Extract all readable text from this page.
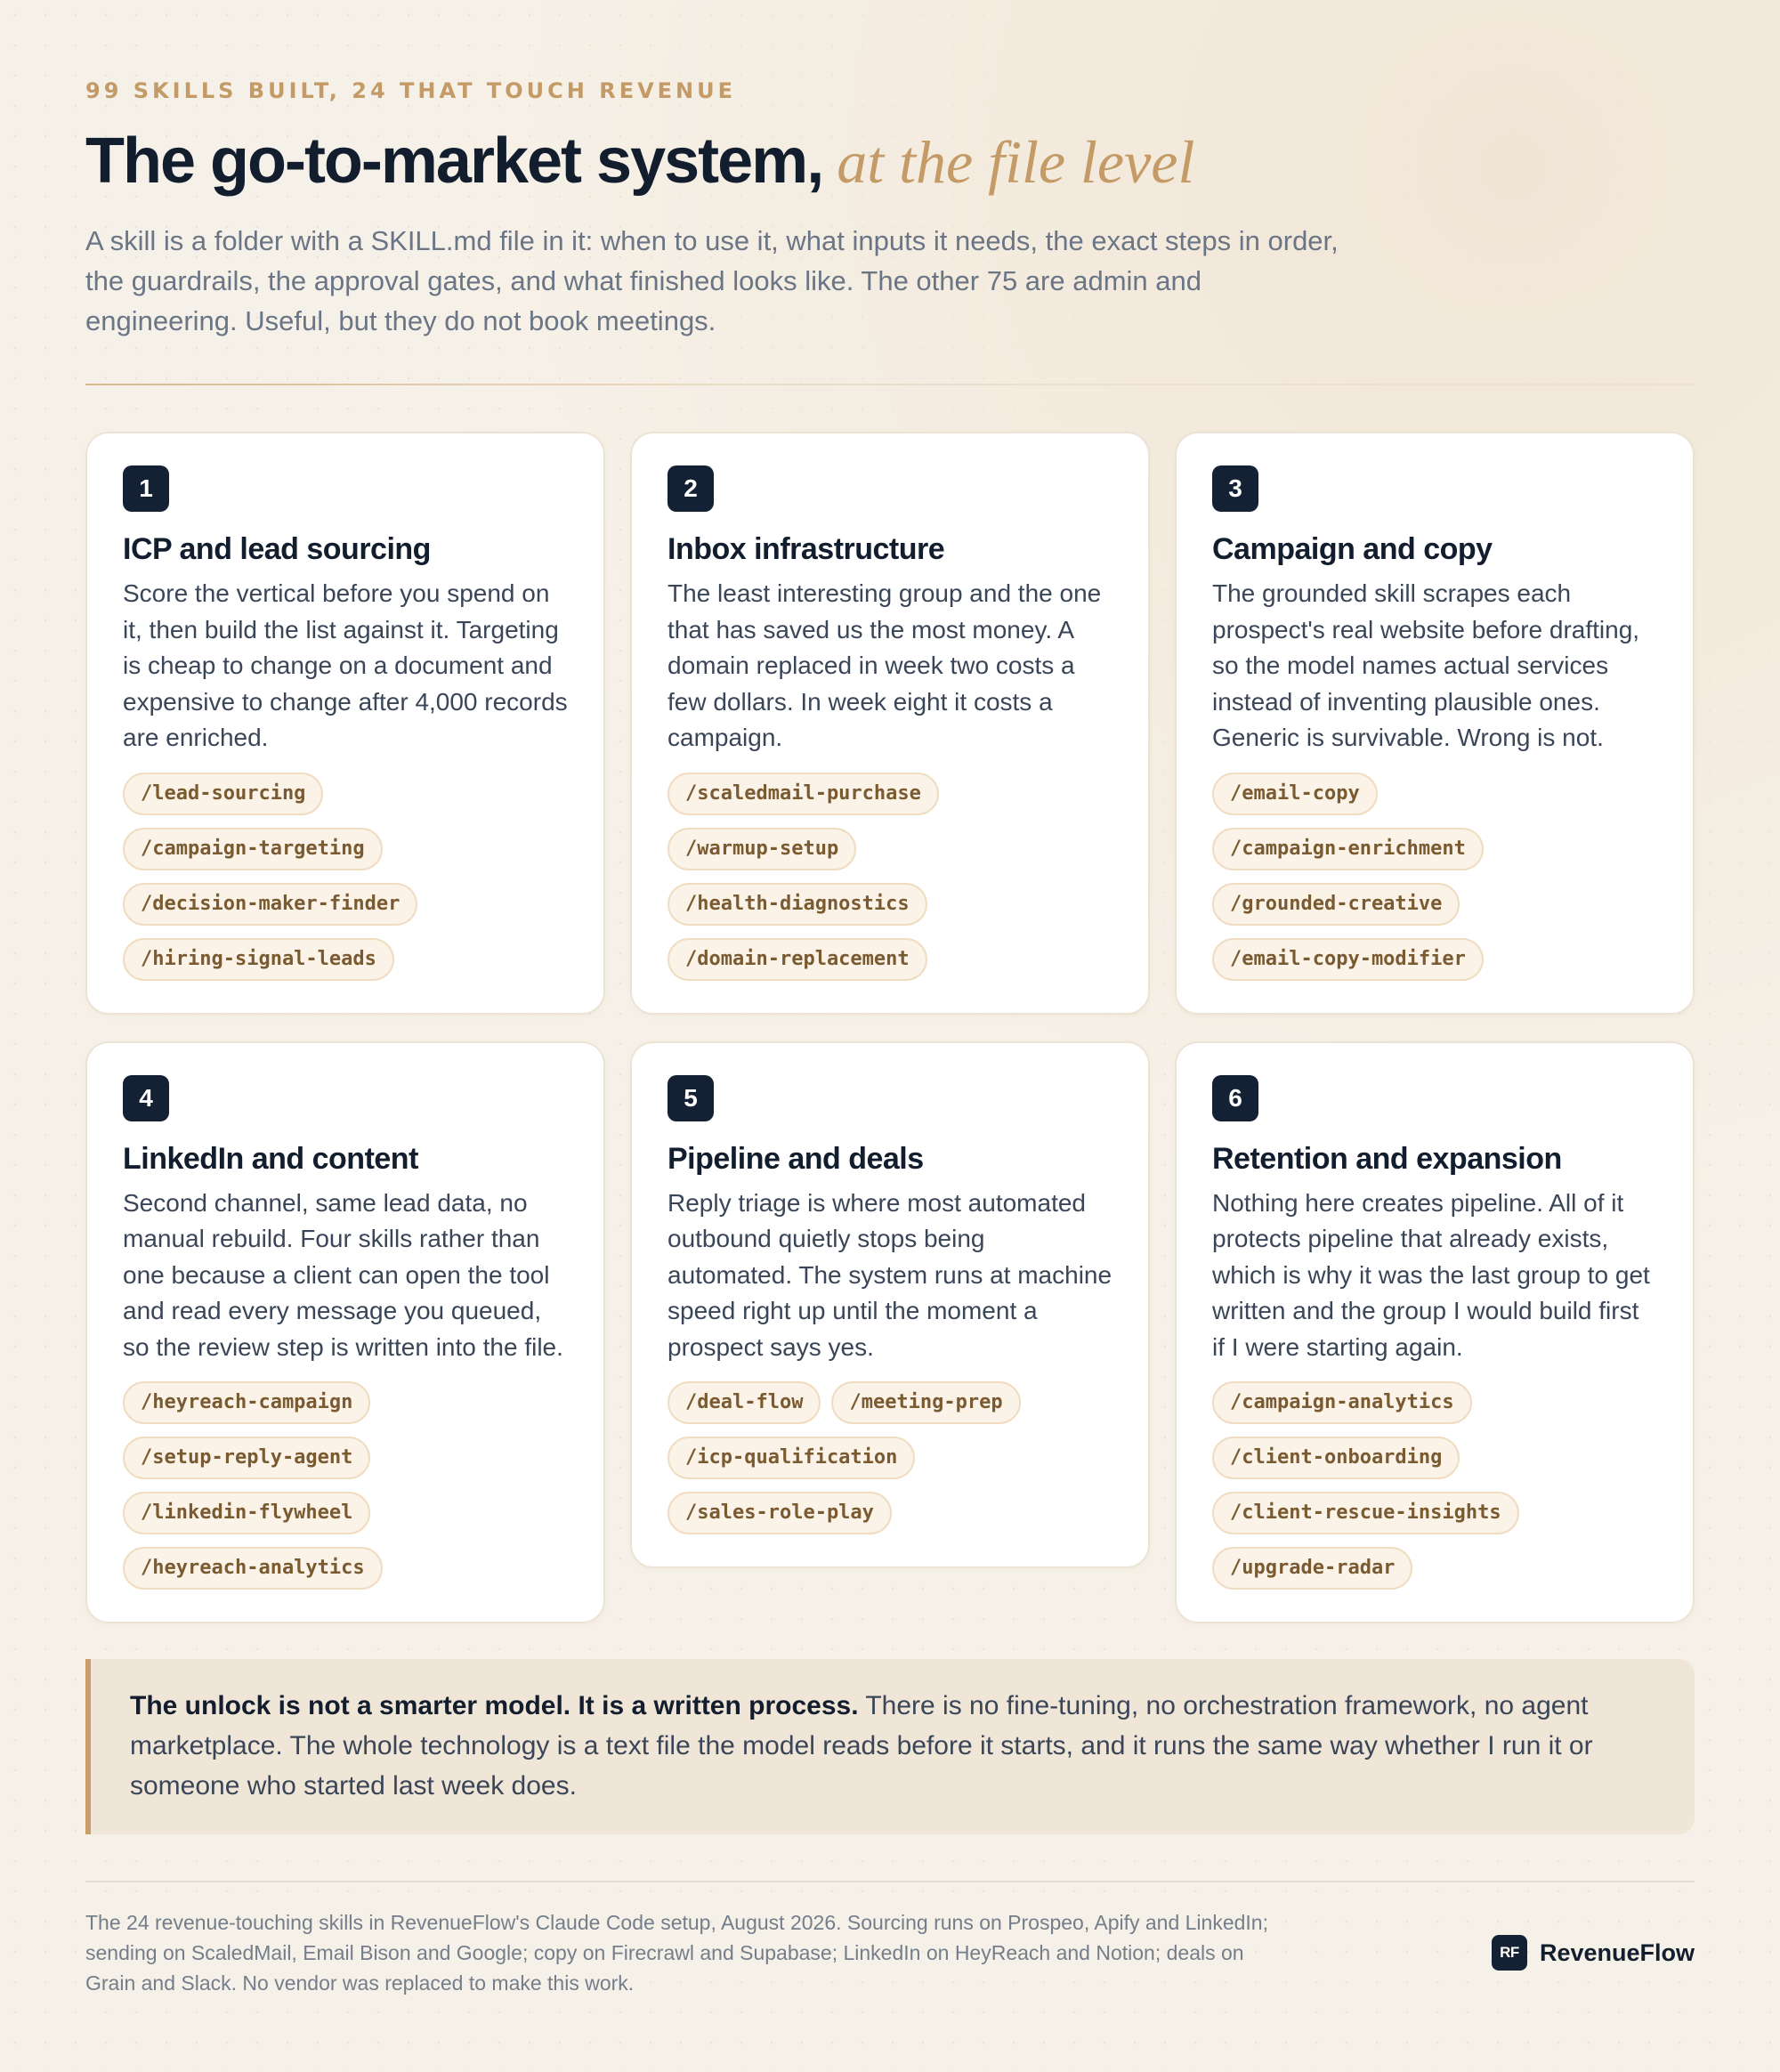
99 SKILLS BUILT, 24 THAT TOUCH REVENUE
The go-to-market system, at the file level

A skill is a folder with a SKILL.md file in it: when to use it, what inputs it needs, the exact steps in order, the guardrails, the approval gates, and what finished looks like. The other 75 are admin and engineering. Useful, but they do not book meetings.

1
ICP and lead sourcing

Score the vertical before you spend on it, then build the list against it. Targeting is cheap to change on a document and expensive to change after 4,000 records are enriched.

/lead-sourcing
/campaign-targeting
/decision-maker-finder
/hiring-signal-leads
2
Inbox infrastructure

The least interesting group and the one that has saved us the most money. A domain replaced in week two costs a few dollars. In week eight it costs a campaign.

/scaledmail-purchase
/warmup-setup
/health-diagnostics
/domain-replacement
3
Campaign and copy

The grounded skill scrapes each prospect's real website before drafting, so the model names actual services instead of inventing plausible ones. Generic is survivable. Wrong is not.

/email-copy
/campaign-enrichment
/grounded-creative
/email-copy-modifier
4
LinkedIn and content

Second channel, same lead data, no manual rebuild. Four skills rather than one because a client can open the tool and read every message you queued, so the review step is written into the file.

/heyreach-campaign
/setup-reply-agent
/linkedin-flywheel
/heyreach-analytics
5
Pipeline and deals

Reply triage is where most automated outbound quietly stops being automated. The system runs at machine speed right up until the moment a prospect says yes.

/deal-flow	/meeting-prep
/icp-qualification
/sales-role-play
6
Retention and expansion

Nothing here creates pipeline. All of it protects pipeline that already exists, which is why it was the last group to get written and the group I would build first if I were starting again.

/campaign-analytics
/client-onboarding
/client-rescue-insights
/upgrade-radar
The unlock is not a smarter model. It is a written process. There is no fine-tuning, no orchestration framework, no agent marketplace. The whole technology is a text file the model reads before it starts, and it runs the same way whether I run it or someone who started last week does.

The 24 revenue-touching skills in RevenueFlow's Claude Code setup, August 2026. Sourcing runs on Prospeo, Apify and LinkedIn; sending on ScaledMail, Email Bison and Google; copy on Firecrawl and Supabase; LinkedIn on HeyReach and Notion; deals on Grain and Slack. No vendor was replaced to make this work.

RF RevenueFlow
